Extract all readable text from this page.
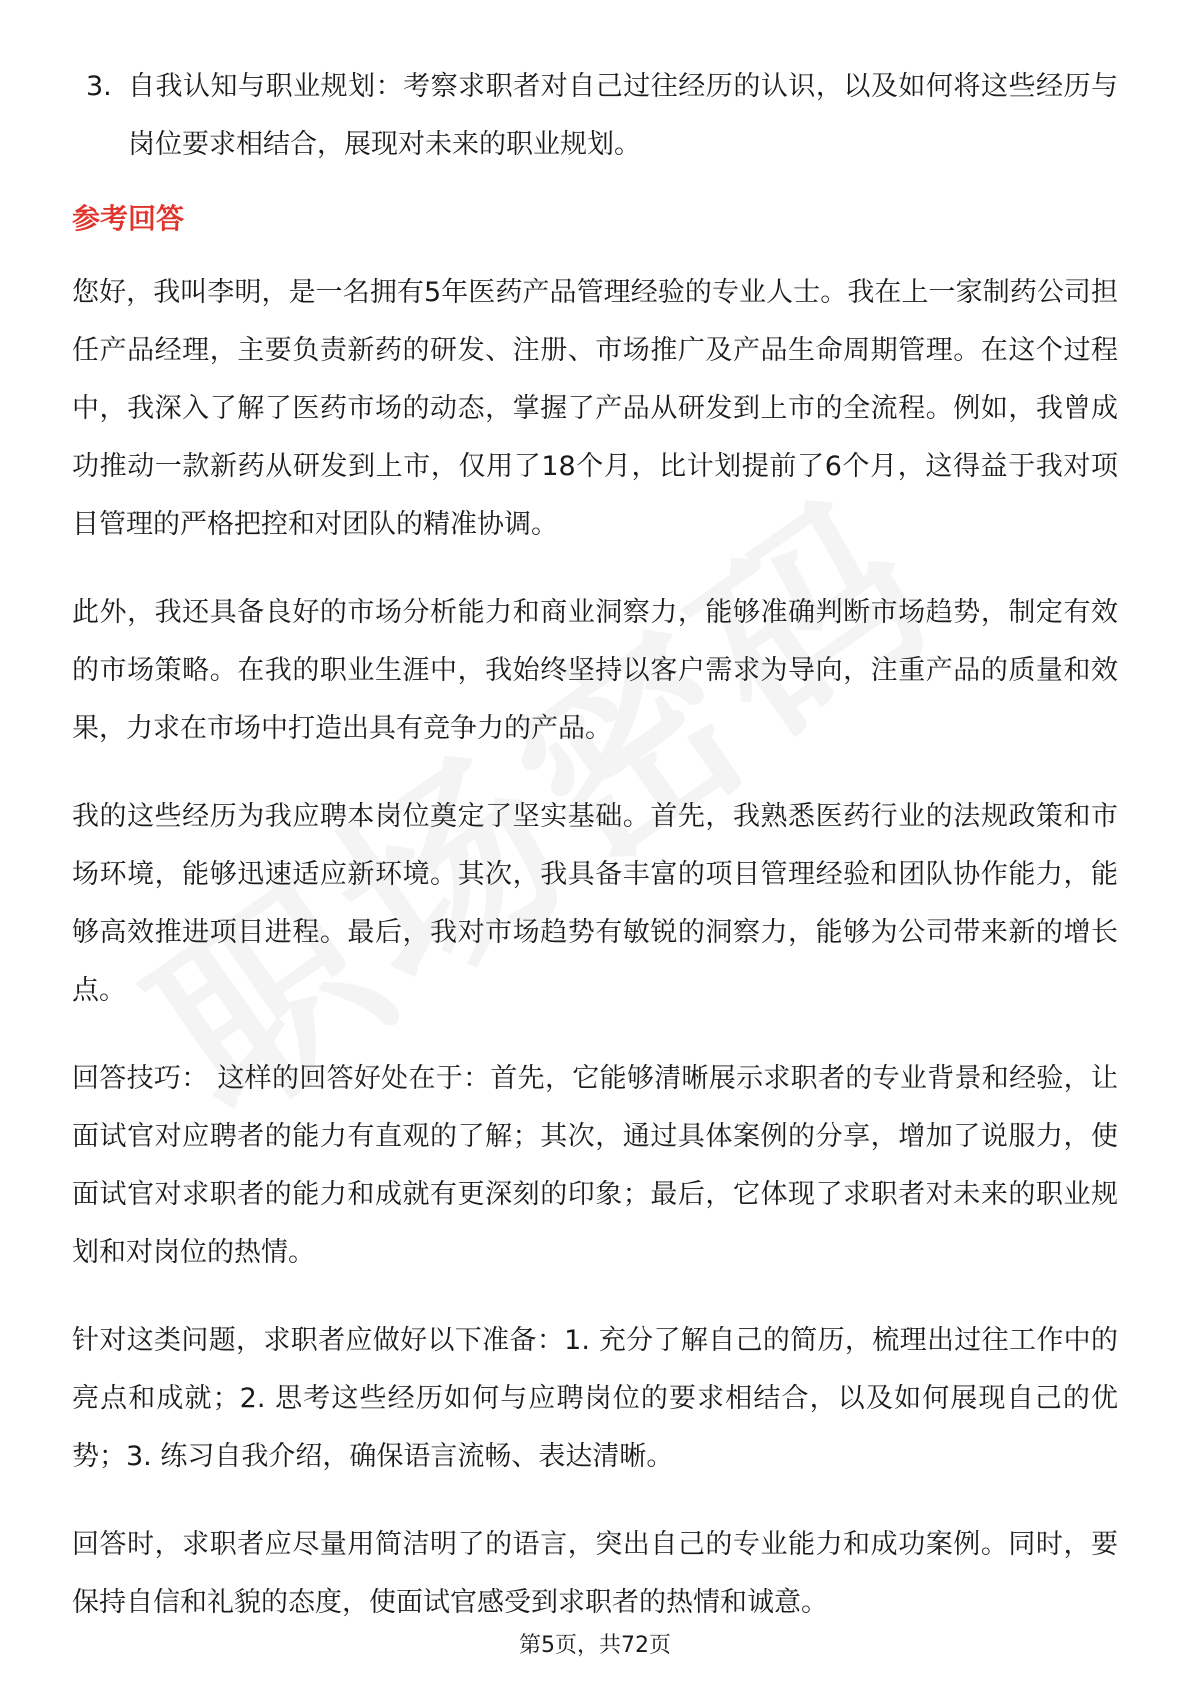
3. 自我认知与职业规划：考察求职者对自己过往经历的认识，以及如何将这些经历与岗位要求相结合，展现对未来的职业规划。
参考回答

您好，我叫李明，是一名拥有5年医药产品管理经验的专业人士。我在上一家制药公司担任产品经理，主要负责新药的研发、注册、市场推广及产品生命周期管理。在这个过程中，我深入了解了医药市场的动态，掌握了产品从研发到上市的全流程。例如，我曾成功推动一款新药从研发到上市，仅用了18个月，比计划提前了6个月，这得益于我对项目管理的严格把控和对团队的精准协调。

此外，我还具备良好的市场分析能力和商业洞察力，能够准确判断市场趋势，制定有效的市场策略。在我的职业生涯中，我始终坚持以客户需求为导向，注重产品的质量和效果，力求在市场中打造出具有竞争力的产品。

我的这些经历为我应聘本岗位奠定了坚实基础。首先，我熟悉医药行业的法规政策和市场环境，能够迅速适应新环境。其次，我具备丰富的项目管理经验和团队协作能力，能够高效推进项目进程。最后，我对市场趋势有敏锐的洞察力，能够为公司带来新的增长点。

回答技巧： 这样的回答好处在于：首先，它能够清晰展示求职者的专业背景和经验，让面试官对应聘者的能力有直观的了解；其次，通过具体案例的分享，增加了说服力，使面试官对求职者的能力和成就有更深刻的印象；最后，它体现了求职者对未来的职业规划和对岗位的热情。

针对这类问题，求职者应做好以下准备：1. 充分了解自己的简历，梳理出过往工作中的亮点和成就；2. 思考这些经历如何与应聘岗位的要求相结合，以及如何展现自己的优势；3. 练习自我介绍，确保语言流畅、表达清晰。

回答时，求职者应尽量用简洁明了的语言，突出自己的专业能力和成功案例。同时，要保持自信和礼貌的态度，使面试官感受到求职者的热情和诚意。

第5页，共72页
